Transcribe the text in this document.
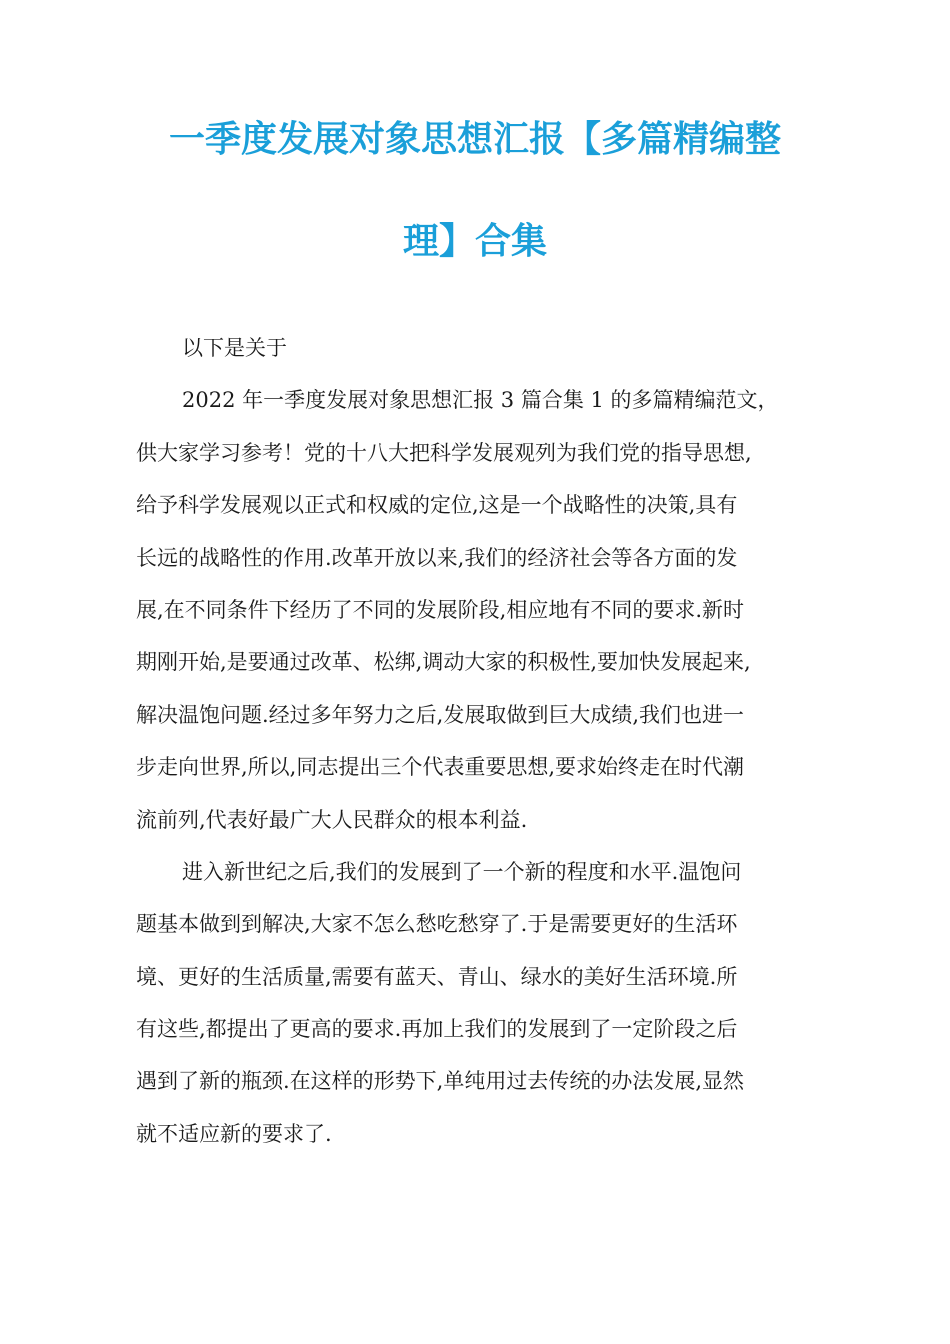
一季度发展对象思想汇报【多篇精编整
理】合集
以下是关于
2022 年一季度发展对象思想汇报 3 篇合集 1 的多篇精编范文，
供大家学习参考！党的十八大把科学发展观列为我们党的指导思想,
给予科学发展观以正式和权威的定位,这是一个战略性的决策,具有
长远的战略性的作用.改革开放以来,我们的经济社会等各方面的发
展,在不同条件下经历了不同的发展阶段,相应地有不同的要求.新时
期刚开始,是要通过改革、松绑,调动大家的积极性,要加快发展起来,
解决温饱问题.经过多年努力之后,发展取做到巨大成绩,我们也进一
步走向世界,所以,同志提出三个代表重要思想,要求始终走在时代潮
流前列,代表好最广大人民群众的根本利益.
进入新世纪之后,我们的发展到了一个新的程度和水平.温饱问
题基本做到到解决,大家不怎么愁吃愁穿了.于是需要更好的生活环
境、更好的生活质量,需要有蓝天、青山、绿水的美好生活环境.所
有这些,都提出了更高的要求.再加上我们的发展到了一定阶段之后
遇到了新的瓶颈.在这样的形势下,单纯用过去传统的办法发展,显然
就不适应新的要求了.
